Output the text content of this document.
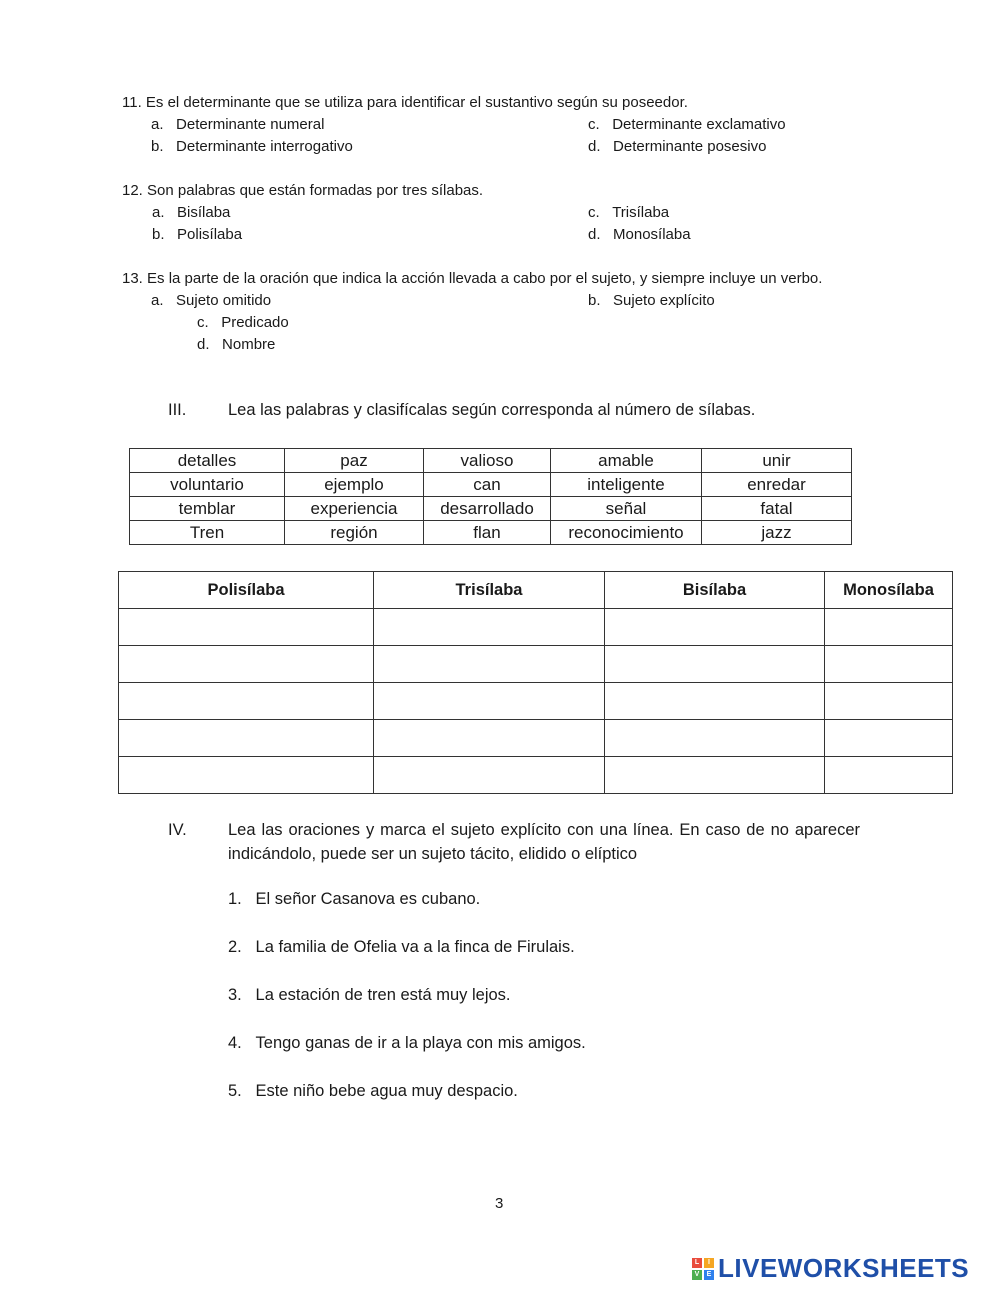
11. Es el determinante que se utiliza para identificar el sustantivo según su poseedor.
a. Determinante numeral
b. Determinante interrogativo
c. Determinante exclamativo
d. Determinante posesivo
12. Son palabras que están formadas por tres sílabas.
a. Bisílaba
b. Polisílaba
c. Trisílaba
d. Monosílaba
13. Es la parte de la oración que indica la acción llevada a cabo por el sujeto, y siempre incluye un verbo.
a. Sujeto omitido	b. Sujeto explícito
c. Predicado
d. Nombre
III.	Lea las palabras y clasifícalas según corresponda al número de sílabas.
detalles	paz	valioso	amable	unir
voluntario	ejemplo	can	inteligente	enredar
temblar	experiencia	desarrollado	señal	fatal
Tren	región	flan	reconocimiento	jazz
Polisílaba	Trisílaba	Bisílaba	Monosílaba

IV.	Lea las oraciones y marca el sujeto explícito con una línea. En caso de no aparecer indicándolo, puede ser un sujeto tácito, elidido o elíptico
1. El señor Casanova es cubano.
2. La familia de Ofelia va a la finca de Firulais.
3. La estación de tren está muy lejos.
4. Tengo ganas de ir a la playa con mis amigos.
5. Este niño bebe agua muy despacio.
3
L	I
V	E LIVEWORKSHEETS
